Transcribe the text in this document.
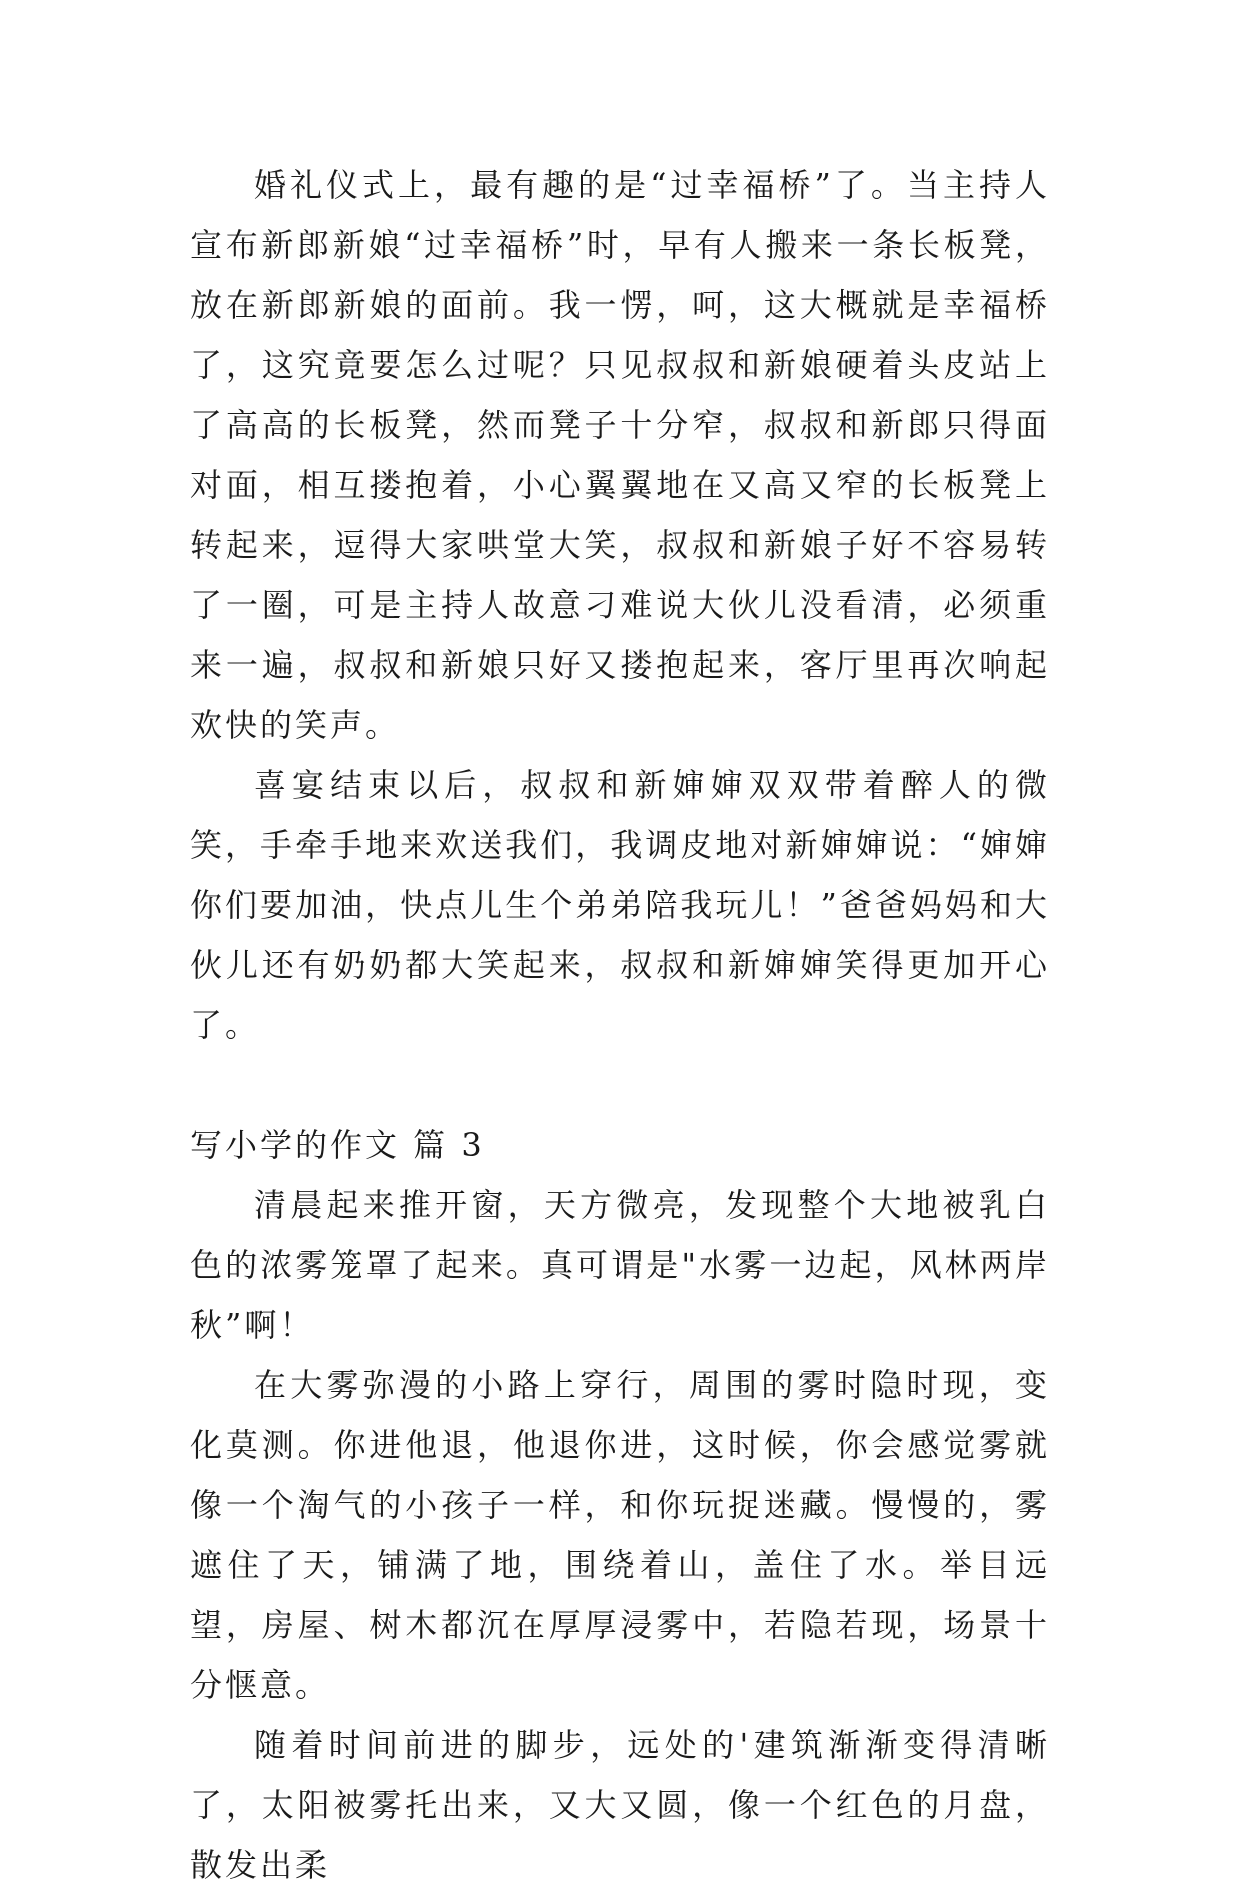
婚礼仪式上，最有趣的是“过幸福桥”了。当主持人宣布新郎新娘“过幸福桥”时，早有人搬来一条长板凳，放在新郎新娘的面前。我一愣，呵，这大概就是幸福桥了，这究竟要怎么过呢？只见叔叔和新娘硬着头皮站上了高高的长板凳，然而凳子十分窄，叔叔和新郎只得面对面，相互搂抱着，小心翼翼地在又高又窄的长板凳上转起来，逗得大家哄堂大笑，叔叔和新娘子好不容易转了一圈，可是主持人故意刁难说大伙儿没看清，必须重来一遍，叔叔和新娘只好又搂抱起来，客厅里再次响起欢快的笑声。

喜宴结束以后，叔叔和新婶婶双双带着醉人的微笑，手牵手地来欢送我们，我调皮地对新婶婶说：“婶婶你们要加油，快点儿生个弟弟陪我玩儿！”爸爸妈妈和大伙儿还有奶奶都大笑起来，叔叔和新婶婶笑得更加开心了。

写小学的作文 篇 3

清晨起来推开窗，天方微亮，发现整个大地被乳白色的浓雾笼罩了起来。真可谓是"水雾一边起，风林两岸秋”啊！

在大雾弥漫的小路上穿行，周围的雾时隐时现，变化莫测。你进他退，他退你进，这时候，你会感觉雾就像一个淘气的小孩子一样，和你玩捉迷藏。慢慢的，雾遮住了天，铺满了地，围绕着山，盖住了水。举目远望，房屋、树木都沉在厚厚浸雾中，若隐若现，场景十分惬意。

随着时间前进的脚步，远处的'建筑渐渐变得清晰了，太阳被雾托出来，又大又圆，像一个红色的月盘，散发出柔
